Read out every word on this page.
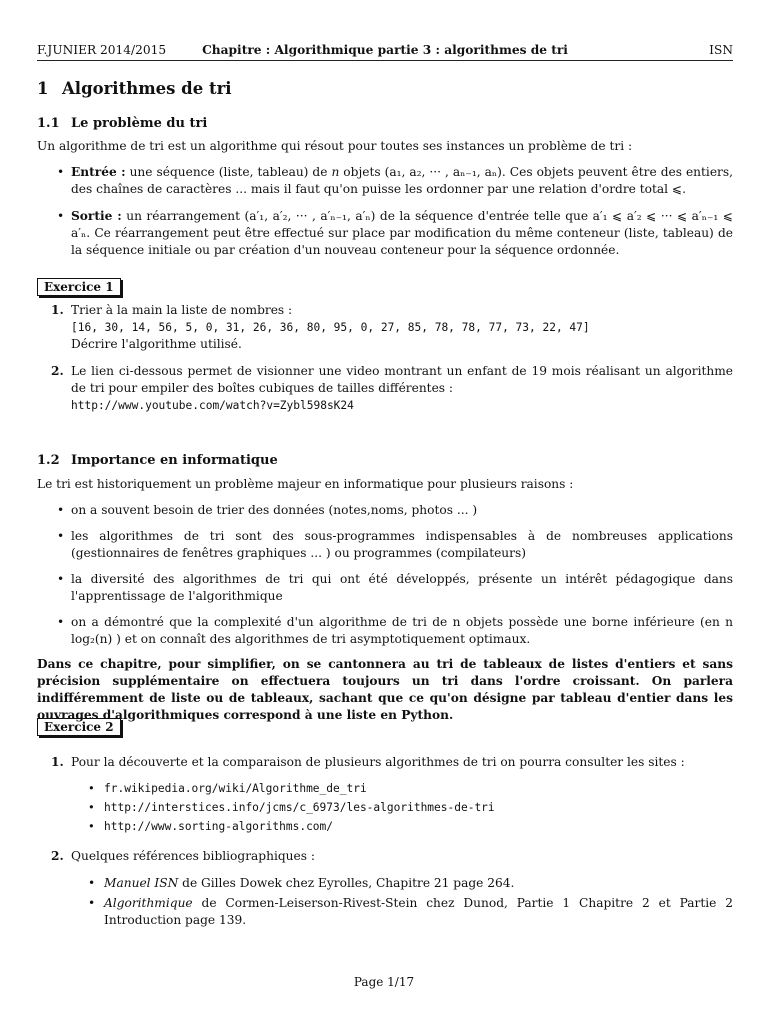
F.JUNIER 2014/2015	Chapitre : Algorithmique partie 3 : algorithmes de tri	ISN
1 Algorithmes de tri
1.1 Le problème du tri

Un algorithme de tri est un algorithme qui résout pour toutes ses instances un problème de tri :

• Entrée : une séquence (liste, tableau) de n objets (a₁, a₂, ··· , aₙ₋₁, aₙ). Ces objets peuvent être des entiers, des chaînes de caractères ... mais il faut qu'on puisse les ordonner par une relation d'ordre total ⩽.
• Sortie : un réarrangement (a′₁, a′₂, ··· , a′ₙ₋₁, a′ₙ) de la séquence d'entrée telle que a′₁ ⩽ a′₂ ⩽ ··· ⩽ a′ₙ₋₁ ⩽ a′ₙ. Ce réarrangement peut être effectué sur place par modification du même conteneur (liste, tableau) de la séquence initiale ou par création d'un nouveau conteneur pour la séquence ordonnée.
Exercice 1
1. Trier à la main la liste de nombres :
[16, 30, 14, 56, 5, 0, 31, 26, 36, 80, 95, 0, 27, 85, 78, 78, 77, 73, 22, 47]
Décrire l'algorithme utilisé.
2. Le lien ci-dessous permet de visionner une video montrant un enfant de 19 mois réalisant un algorithme de tri pour empiler des boîtes cubiques de tailles différentes :
http://www.youtube.com/watch?v=Zybl598sK24
1.2 Importance en informatique

Le tri est historiquement un problème majeur en informatique pour plusieurs raisons :

• on a souvent besoin de trier des données (notes,noms, photos ... )
• les algorithmes de tri sont des sous-programmes indispensables à de nombreuses applications (gestionnaires de fenêtres graphiques ... ) ou programmes (compilateurs)
• la diversité des algorithmes de tri qui ont été développés, présente un intérêt pédagogique dans l'apprentissage de l'algorithmique
• on a démontré que la complexité d'un algorithme de tri de n objets possède une borne inférieure (en n log₂(n) ) et on connaît des algorithmes de tri asymptotiquement optimaux.

Dans ce chapitre, pour simplifier, on se cantonnera au tri de tableaux de listes d'entiers et sans précision supplémentaire on effectuera toujours un tri dans l'ordre croissant. On parlera indifféremment de liste ou de tableaux, sachant que ce qu'on désigne par tableau d'entier dans les ouvrages d'algorithmiques correspond à une liste en Python.

Exercice 2
1. Pour la découverte et la comparaison de plusieurs algorithmes de tri on pourra consulter les sites :
• fr.wikipedia.org/wiki/Algorithme_de_tri
• http://interstices.info/jcms/c_6973/les-algorithmes-de-tri
• http://www.sorting-algorithms.com/
2. Quelques références bibliographiques :
• Manuel ISN de Gilles Dowek chez Eyrolles, Chapitre 21 page 264.
• Algorithmique de Cormen-Leiserson-Rivest-Stein chez Dunod, Partie 1 Chapitre 2 et Partie 2 Introduction page 139.
Page 1/17
